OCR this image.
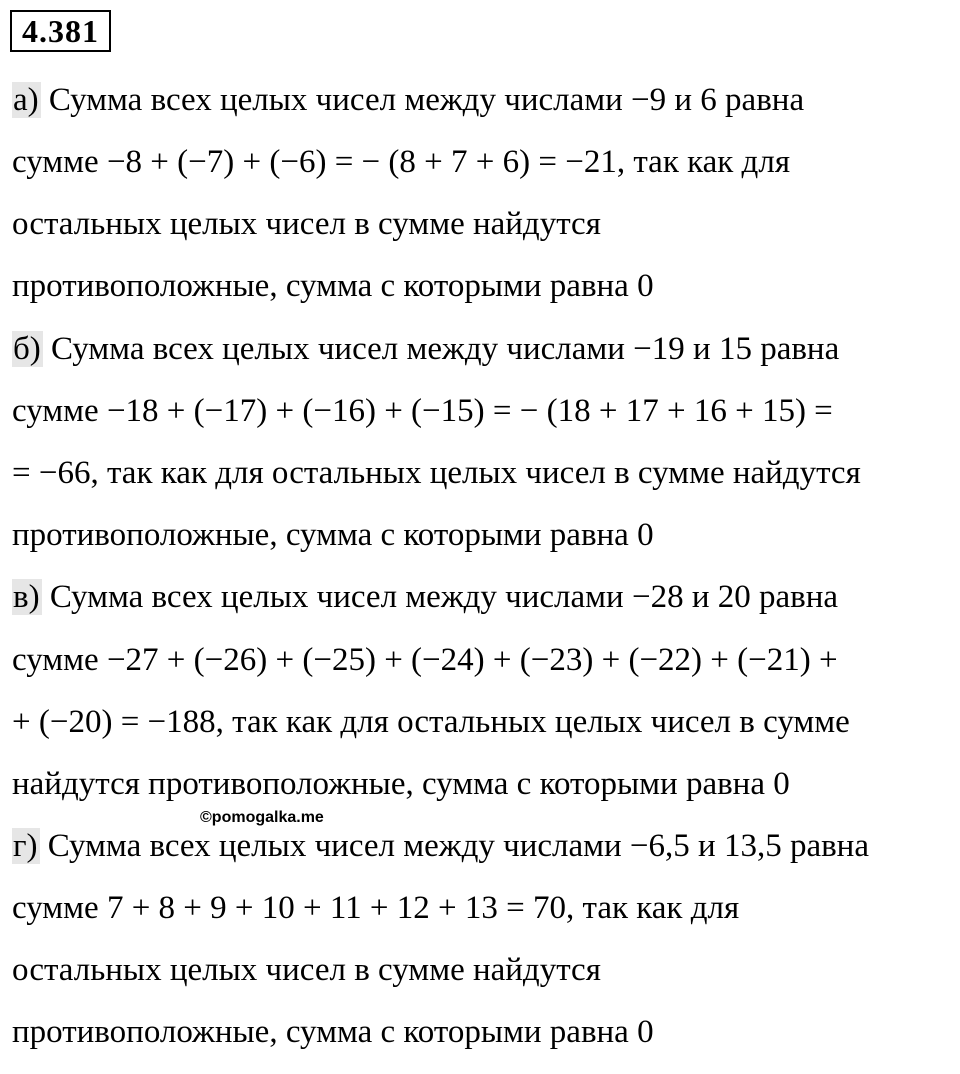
4.381
а) Сумма всех целых чисел между числами −9 и 6 равна
сумме −8 + (−7) + (−6) = − (8 + 7 + 6) = −21, так как для
остальных целых чисел в сумме найдутся
противоположные, сумма с которыми равна 0
б) Сумма всех целых чисел между числами −19 и 15 равна
сумме −18 + (−17) + (−16) + (−15) = − (18 + 17 + 16 + 15) =
= −66, так как для остальных целых чисел в сумме найдутся
противоположные, сумма с которыми равна 0
в) Сумма всех целых чисел между числами −28 и 20 равна
сумме −27 + (−26) + (−25) + (−24) + (−23) + (−22) + (−21) +
+ (−20) = −188, так как для остальных целых чисел в сумме
найдутся противоположные, сумма с которыми равна 0
©pomogalka.me
г) Сумма всех целых чисел между числами −6,5 и 13,5 равна
сумме 7 + 8 + 9 + 10 + 11 + 12 + 13 = 70, так как для
остальных целых чисел в сумме найдутся
противоположные, сумма с которыми равна 0
